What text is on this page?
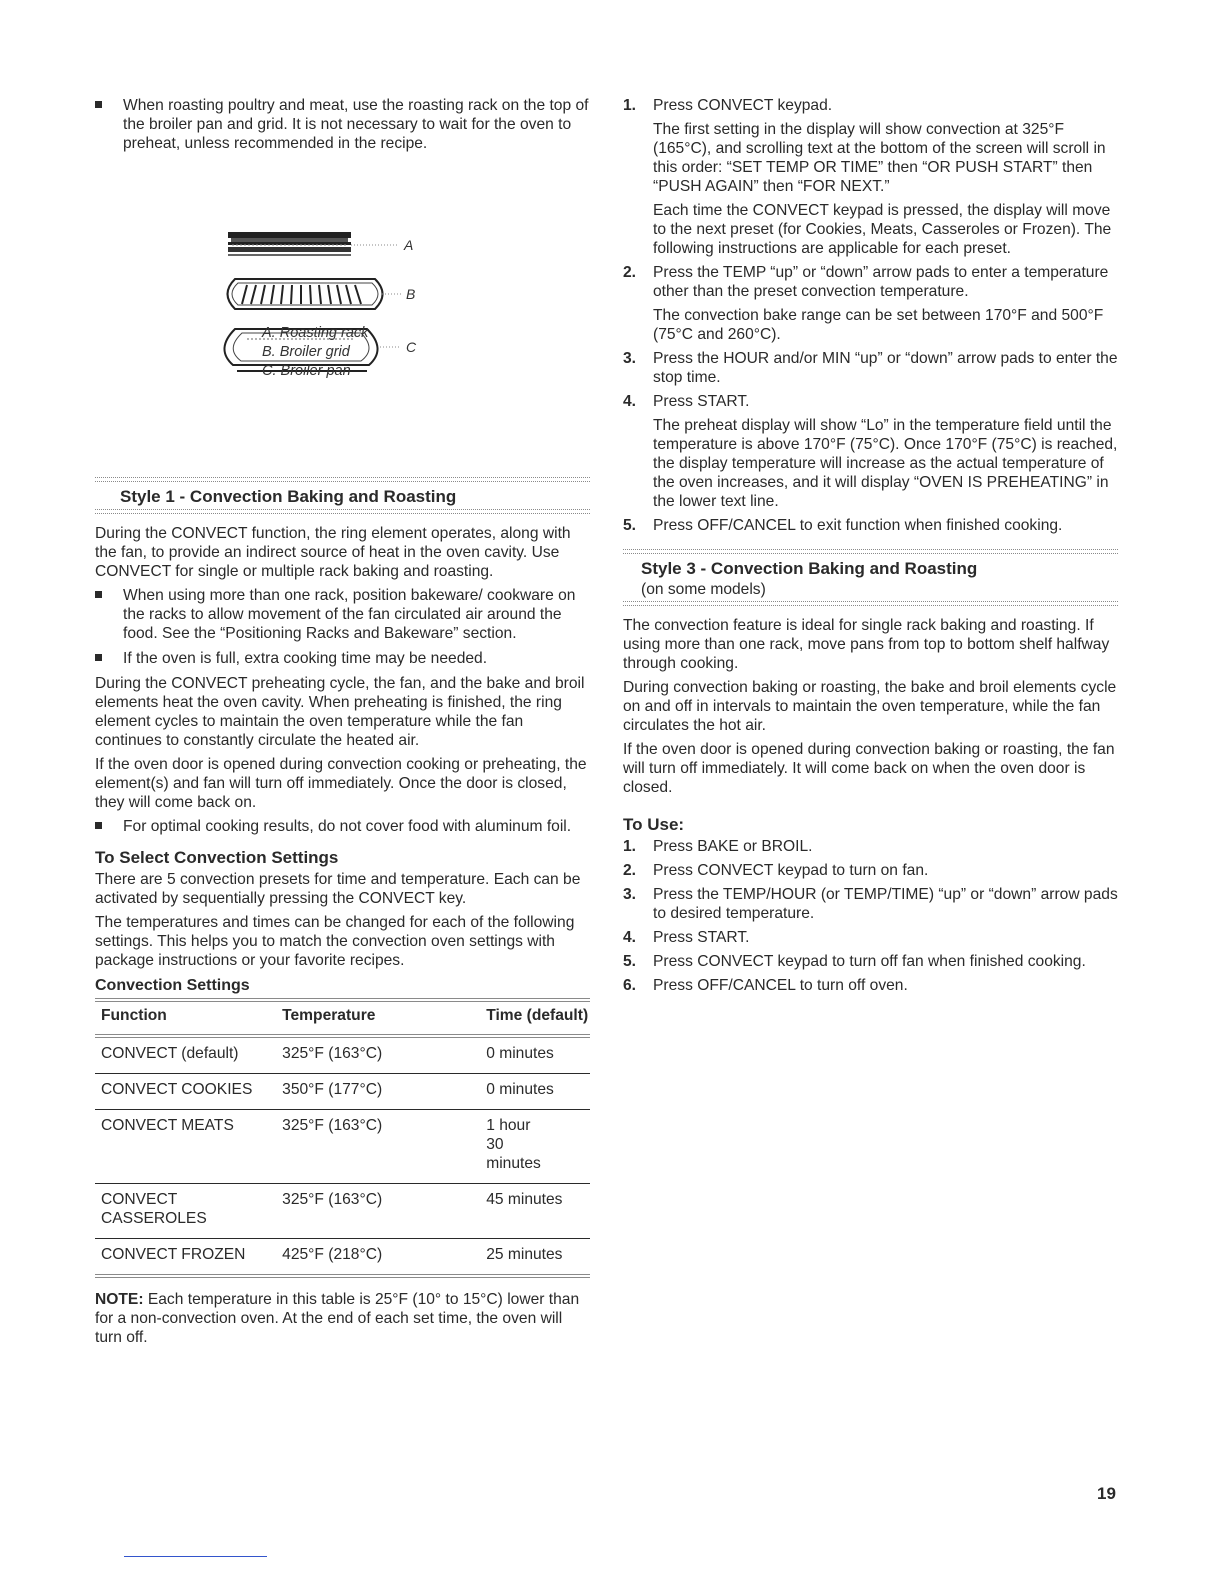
When roasting poultry and meat, use the roasting rack on the top of the broiler pan and grid. It is not necessary to wait for the oven to preheat, unless recommended in the recipe.
A
B
C
A. Roasting rack
B. Broiler grid
C. Broiler pan
Style 1 - Convection Baking and Roasting

During the CONVECT function, the ring element operates, along with the fan, to provide an indirect source of heat in the oven cavity. Use CONVECT for single or multiple rack baking and roasting.

When using more than one rack, position bakeware/ cookware on the racks to allow movement of the fan circulated air around the food. See the “Positioning Racks and Bakeware” section.
If the oven is full, extra cooking time may be needed.

During the CONVECT preheating cycle, the fan, and the bake and broil elements heat the oven cavity. When preheating is finished, the ring element cycles to maintain the oven temperature while the fan continues to constantly circulate the heated air.

If the oven door is opened during convection cooking or preheating, the element(s) and fan will turn off immediately. Once the door is closed, they will come back on.

For optimal cooking results, do not cover food with aluminum foil.
To Select Convection Settings

There are 5 convection presets for time and temperature. Each can be activated by sequentially pressing the CONVECT key.

The temperatures and times can be changed for each of the following settings. This helps you to match the convection oven settings with package instructions or your favorite recipes.

Convection Settings
Function	Temperature	Time (default)
CONVECT (default)	325°F (163°C)	0 minutes
CONVECT COOKIES	350°F (177°C)	0 minutes
CONVECT MEATS	325°F (163°C)	1 hour 30 minutes
CONVECT CASSEROLES	325°F (163°C)	45 minutes
CONVECT FROZEN	425°F (218°C)	25 minutes

NOTE: Each temperature in this table is 25°F (10° to 15°C) lower than for a non-convection oven. At the end of each set time, the oven will turn off.

1. Press CONVECT keypad.
The first setting in the display will show convection at 325°F (165°C), and scrolling text at the bottom of the screen will scroll in this order: “SET TEMP OR TIME” then “OR PUSH START” then “PUSH AGAIN” then “FOR NEXT.”
Each time the CONVECT keypad is pressed, the display will move to the next preset (for Cookies, Meats, Casseroles or Frozen). The following instructions are applicable for each preset.
2. Press the TEMP “up” or “down” arrow pads to enter a temperature other than the preset convection temperature.
The convection bake range can be set between 170°F and 500°F (75°C and 260°C).
3. Press the HOUR and/or MIN “up” or “down” arrow pads to enter the stop time.
4. Press START.
The preheat display will show “Lo” in the temperature field until the temperature is above 170°F (75°C). Once 170°F (75°C) is reached, the display temperature will increase as the actual temperature of the oven increases, and it will display “OVEN IS PREHEATING” in the lower text line.
5. Press OFF/CANCEL to exit function when finished cooking.
Style 3 - Convection Baking and Roasting
(on some models)

The convection feature is ideal for single rack baking and roasting. If using more than one rack, move pans from top to bottom shelf halfway through cooking.

During convection baking or roasting, the bake and broil elements cycle on and off in intervals to maintain the oven temperature, while the fan circulates the hot air.

If the oven door is opened during convection baking or roasting, the fan will turn off immediately. It will come back on when the oven door is closed.

To Use:
1. Press BAKE or BROIL.
2. Press CONVECT keypad to turn on fan.
3. Press the TEMP/HOUR (or TEMP/TIME) “up” or “down” arrow pads to desired temperature.
4. Press START.
5. Press CONVECT keypad to turn off fan when finished cooking.
6. Press OFF/CANCEL to turn off oven.
19
